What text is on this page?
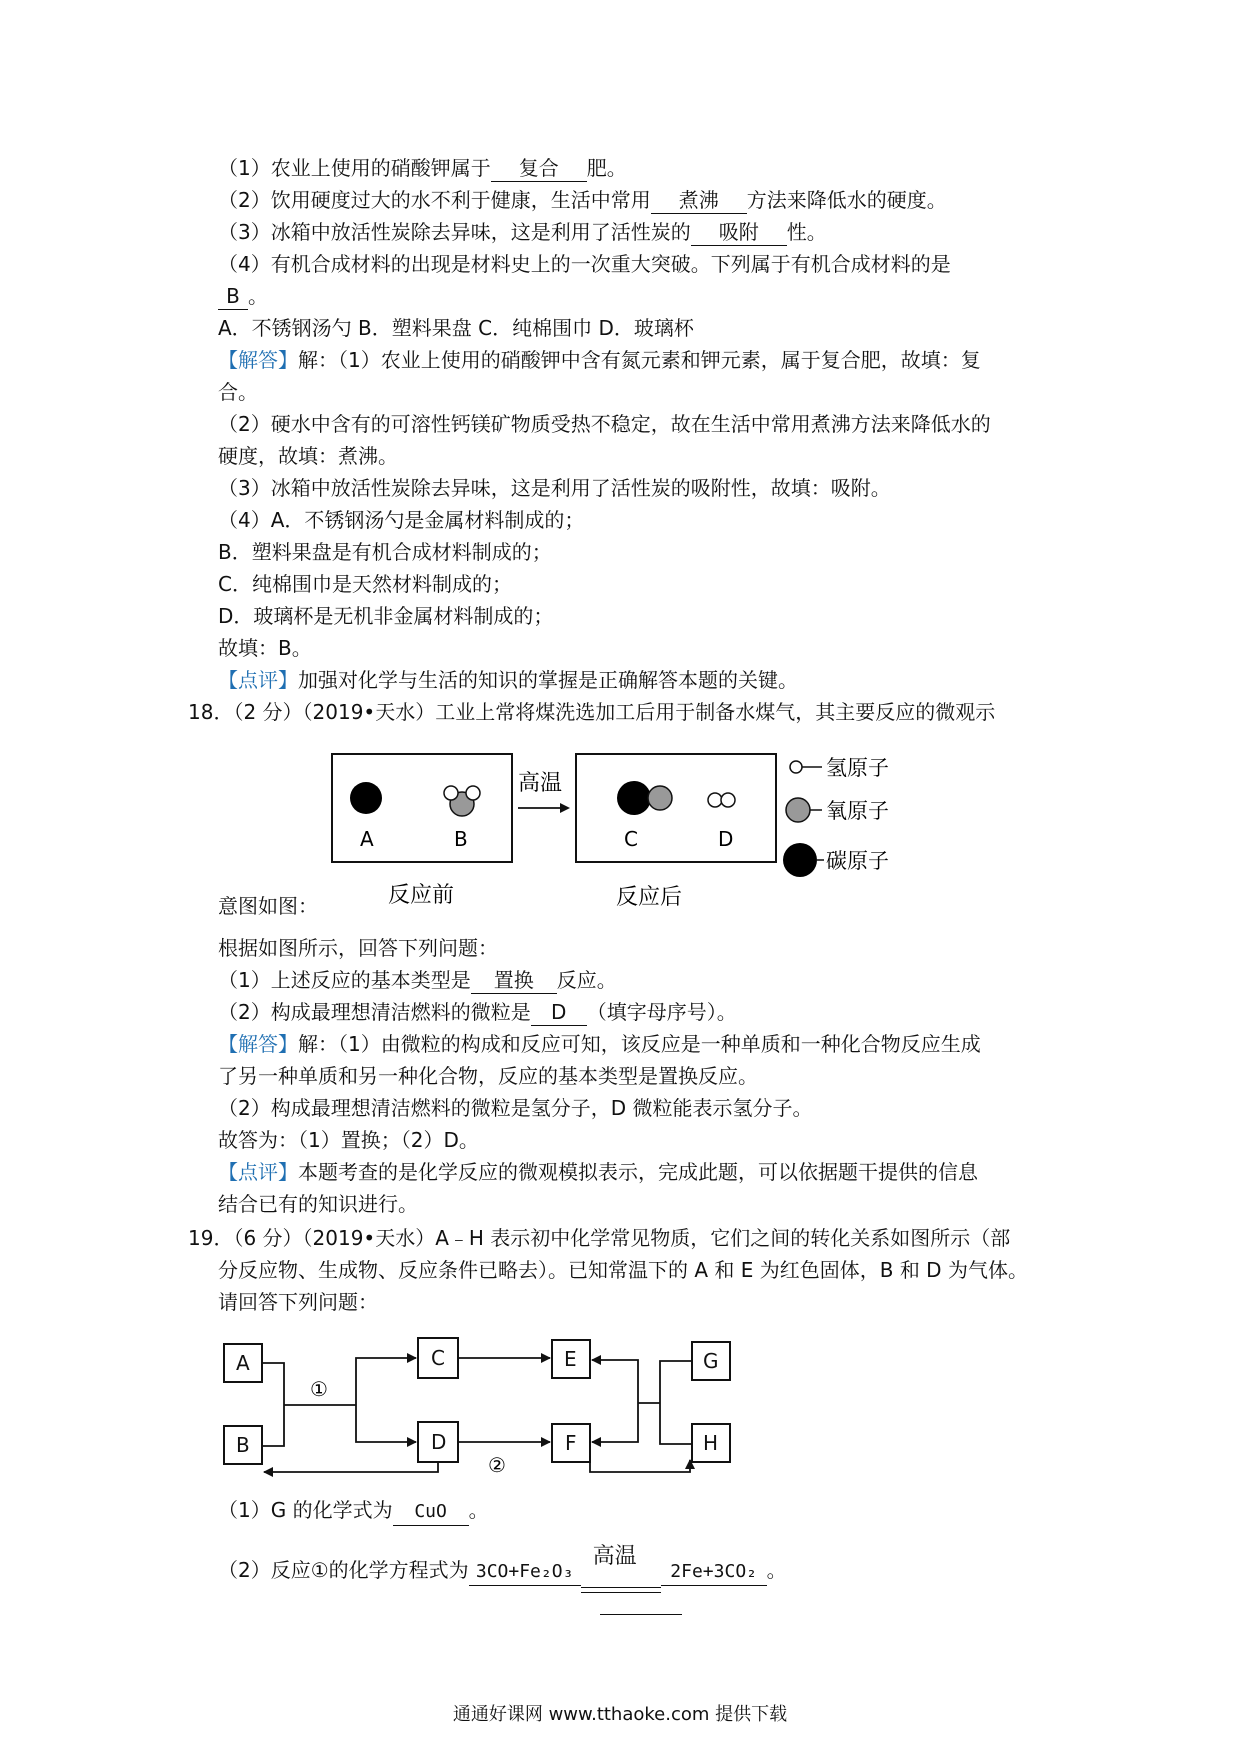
（1）农业上使用的硝酸钾属于 复合 肥。
（2）饮用硬度过大的水不利于健康，生活中常用 煮沸 方法来降低水的硬度。
（3）冰箱中放活性炭除去异味，这是利用了活性炭的 吸附 性。
（4）有机合成材料的出现是材料史上的一次重大突破。下列属于有机合成材料的是
B 。
A．不锈钢汤勺 B．塑料果盘 C．纯棉围巾 D．玻璃杯
【解答】解：（1）农业上使用的硝酸钾中含有氮元素和钾元素，属于复合肥，故填：复
合。
（2）硬水中含有的可溶性钙镁矿物质受热不稳定，故在生活中常用煮沸方法来降低水的
硬度，故填：煮沸。
（3）冰箱中放活性炭除去异味，这是利用了活性炭的吸附性，故填：吸附。
（4）A．不锈钢汤勺是金属材料制成的；
B．塑料果盘是有机合成材料制成的；
C．纯棉围巾是天然材料制成的；
D．玻璃杯是无机非金属材料制成的；
故填：B。
【点评】加强对化学与生活的知识的掌握是正确解答本题的关键。
18．（2 分）（2019•天水）工业上常将煤洗选加工后用于制备水煤气，其主要反应的微观示
A	B
高温
C	D
反应前	反应后
氢原子
氧原子
碳原子
意图如图：
根据如图所示，回答下列问题：
（1）上述反应的基本类型是 置换 反应。
（2）构成最理想清洁燃料的微粒是 D （填字母序号）。
【解答】解：（1）由微粒的构成和反应可知，该反应是一种单质和一种化合物反应生成
了另一种单质和另一种化合物，反应的基本类型是置换反应。
（2）构成最理想清洁燃料的微粒是氢分子，D 微粒能表示氢分子。
故答为：（1）置换；（2）D。
【点评】本题考查的是化学反应的微观模拟表示，完成此题，可以依据题干提供的信息
结合已有的知识进行。
19．（6 分）（2019•天水）A﹣H 表示初中化学常见物质，它们之间的转化关系如图所示（部
分反应物、生成物、反应条件已略去）。已知常温下的 A 和 E 为红色固体，B 和 D 为气体。
请回答下列问题：
A
B
C
D
E
F
G
H
①
②
（1）G 的化学式为 CuO 。
（2）反应①的化学方程式为 3CO+Fe₂O₃
高温
2Fe+3CO₂ 。
通通好课网 www.tthaoke.com 提供下载
